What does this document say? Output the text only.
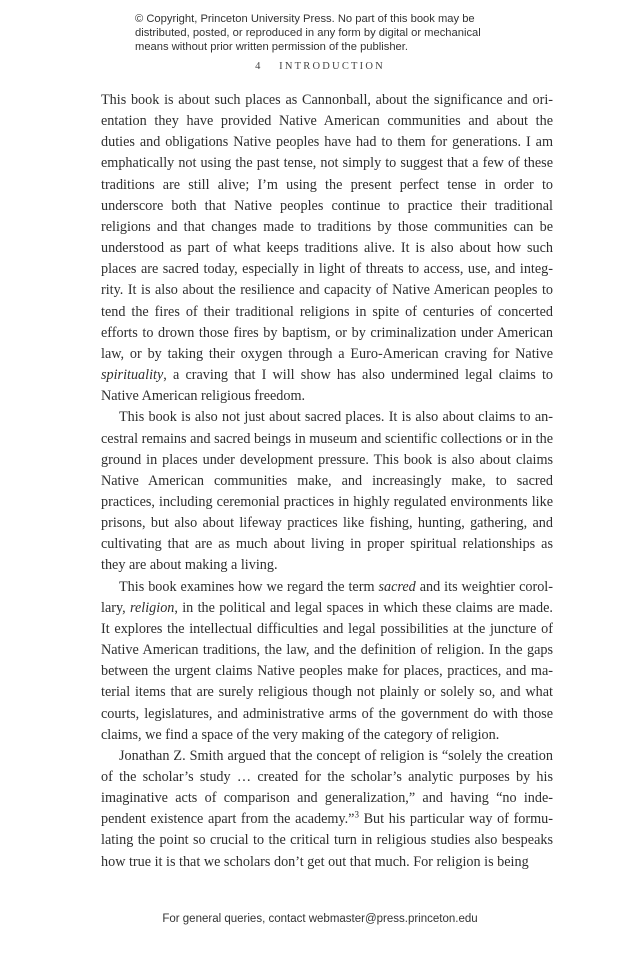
© Copyright, Princeton University Press. No part of this book may be
distributed, posted, or reproduced in any form by digital or mechanical
means without prior written permission of the publisher.
4 INTRODUCTION

This book is about such places as Cannonball, about the significance and orientation they have provided Native American communities and about the duties and obligations Native peoples have had to them for generations. I am emphatically not using the past tense, not simply to suggest that a few of these traditions are still alive; I’m using the present perfect tense in order to underscore both that Native peoples continue to practice their traditional religions and that changes made to traditions by those communities can be understood as part of what keeps traditions alive. It is also about how such places are sacred today, especially in light of threats to access, use, and integrity. It is also about the resilience and capacity of Native American peoples to tend the fires of their traditional religions in spite of centuries of concerted efforts to drown those fires by baptism, or by criminalization under American law, or by taking their oxygen through a Euro-American craving for Native spirituality, a craving that I will show has also undermined legal claims to Native American religious freedom.

This book is also not just about sacred places. It is also about claims to ancestral remains and sacred beings in museum and scientific collections or in the ground in places under development pressure. This book is also about claims Native American communities make, and increasingly make, to sacred practices, including ceremonial practices in highly regulated environments like prisons, but also about lifeway practices like fishing, hunting, gathering, and cultivating that are as much about living in proper spiritual relationships as they are about making a living.

This book examines how we regard the term sacred and its weightier corollary, religion, in the political and legal spaces in which these claims are made. It explores the intellectual difficulties and legal possibilities at the juncture of Native American traditions, the law, and the definition of religion. In the gaps between the urgent claims Native peoples make for places, practices, and material items that are surely religious though not plainly or solely so, and what courts, legislatures, and administrative arms of the government do with those claims, we find a space of the very making of the category of religion.

Jonathan Z. Smith argued that the concept of religion is “solely the creation of the scholar’s study … created for the scholar’s analytic purposes by his imaginative acts of comparison and generalization,” and having “no independent existence apart from the academy.”$^3$ But his particular way of formulating the point so crucial to the critical turn in religious studies also bespeaks how true it is that we scholars don’t get out that much. For religion is being

For general queries, contact webmaster@press.princeton.edu
